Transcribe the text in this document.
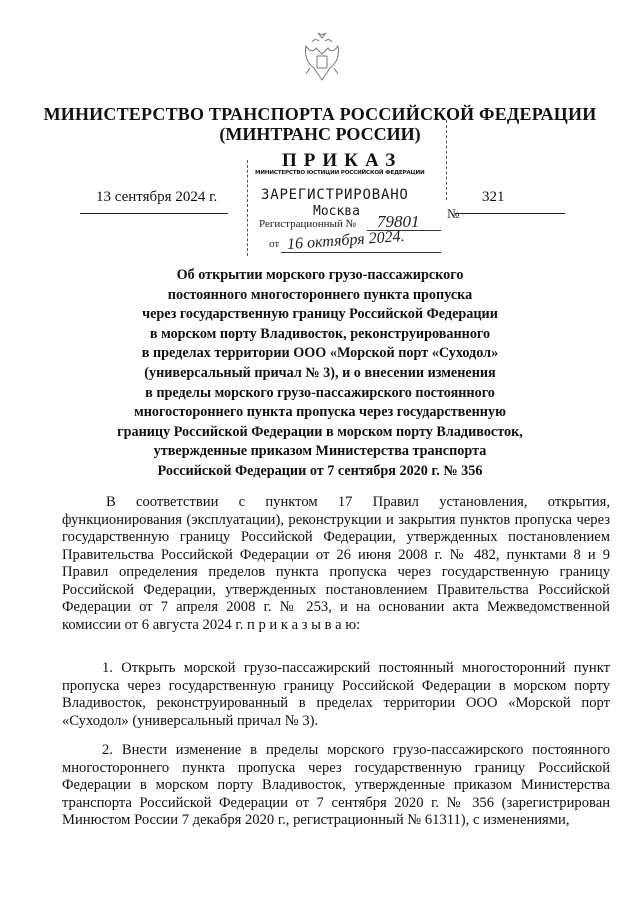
МИНИСТЕРСТВО ТРАНСПОРТА РОССИЙСКОЙ ФЕДЕРАЦИИ
(МИНТРАНС РОССИИ)
ПРИКАЗ
13 сентября 2024 г.
№
321
МИНИСТЕРСТВО ЮСТИЦИИ РОССИЙСКОЙ ФЕДЕРАЦИИ
ЗАРЕГИСТРИРОВАНО
Москва
Регистрационный № 79801
от 16 октября 2024.
Об открытии морского грузо-пассажирского
постоянного многостороннего пункта пропуска
через государственную границу Российской Федерации
в морском порту Владивосток, реконструированного
в пределах территории ООО «Морской порт «Суходол»
(универсальный причал № 3), и о внесении изменения
в пределы морского грузо-пассажирского постоянного
многостороннего пункта пропуска через государственную
границу Российской Федерации в морском порту Владивосток,
утвержденные приказом Министерства транспорта
Российской Федерации от 7 сентября 2020 г. № 356

В соответствии с пунктом 17 Правил установления, открытия, функционирования (эксплуатации), реконструкции и закрытия пунктов пропуска через государственную границу Российской Федерации, утвержденных постановлением Правительства Российской Федерации от 26 июня 2008 г. № 482, пунктами 8 и 9 Правил определения пределов пункта пропуска через государственную границу Российской Федерации, утвержденных постановлением Правительства Российской Федерации от 7 апреля 2008 г. № 253, и на основании акта Межведомственной комиссии от 6 августа 2024 г. п р и к а з ы в а ю:

1. Открыть морской грузо-пассажирский постоянный многосторонний пункт пропуска через государственную границу Российской Федерации в морском порту Владивосток, реконструированный в пределах территории ООО «Морской порт «Суходол» (универсальный причал № 3).

2. Внести изменение в пределы морского грузо-пассажирского постоянного многостороннего пункта пропуска через государственную границу Российской Федерации в морском порту Владивосток, утвержденные приказом Министерства транспорта Российской Федерации от 7 сентября 2020 г. № 356 (зарегистрирован Минюстом России 7 декабря 2020 г., регистрационный № 61311), с изменениями,
